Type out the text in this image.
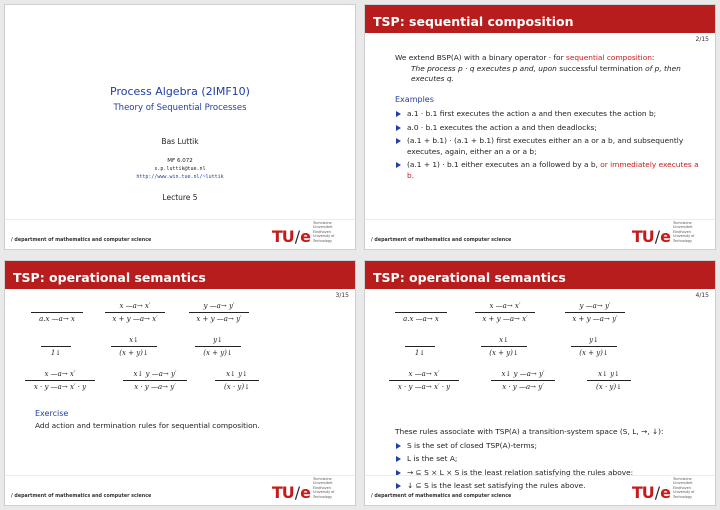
Process Algebra (2IMF10)
Theory of Sequential Processes
Bas Luttik
MF 6.072
s.p.luttik@tue.nl
http://www.win.tue.nl/~luttik
Lecture 5
/ department of mathematics and computer science	TU/e
Technische Universiteit Eindhoven University of Technology
TSP: sequential composition
2/15
We extend BSP(A) with a binary operator · for sequential composition:
The process p · q executes p and, upon successful termination of p, then executes q.
Examples
a.1 · b.1 first executes the action a and then executes the action b;
a.0 · b.1 executes the action a and then deadlocks;
(a.1 + b.1) · (a.1 + b.1) first executes either an a or a b, and subsequently executes, again, either an a or a b;
(a.1 + 1) · b.1 either executes an a followed by a b, or immediately executes a b.
/ department of mathematics and computer science	TU/e
Technische Universiteit Eindhoven University of Technology
TSP: operational semantics
3/15
a.x —a→ x
x —a→ x′
x + y —a→ x′
y —a→ y′
x + y —a→ y′
1↓
x↓
(x + y)↓
y↓
(x + y)↓
x —a→ x′
x · y —a→ x′ · y
x↓ y —a→ y′
x · y —a→ y′
x↓ y↓
(x · y)↓
Exercise
Add action and termination rules for sequential composition.
/ department of mathematics and computer science	TU/e
Technische Universiteit Eindhoven University of Technology
TSP: operational semantics
4/15
a.x —a→ x
x —a→ x′
x + y —a→ x′
y —a→ y′
x + y —a→ y′
1↓
x↓
(x + y)↓
y↓
(x + y)↓
x —a→ x′
x · y —a→ x′ · y
x↓ y —a→ y′
x · y —a→ y′
x↓ y↓
(x · y)↓
These rules associate with TSP(A) a transition-system space (S, L, →, ↓):
S is the set of closed TSP(A)-terms;
L is the set A;
→ ⊆ S × L × S is the least relation satisfying the rules above;
↓ ⊆ S is the least set satisfying the rules above.
/ department of mathematics and computer science	TU/e
Technische Universiteit Eindhoven University of Technology
